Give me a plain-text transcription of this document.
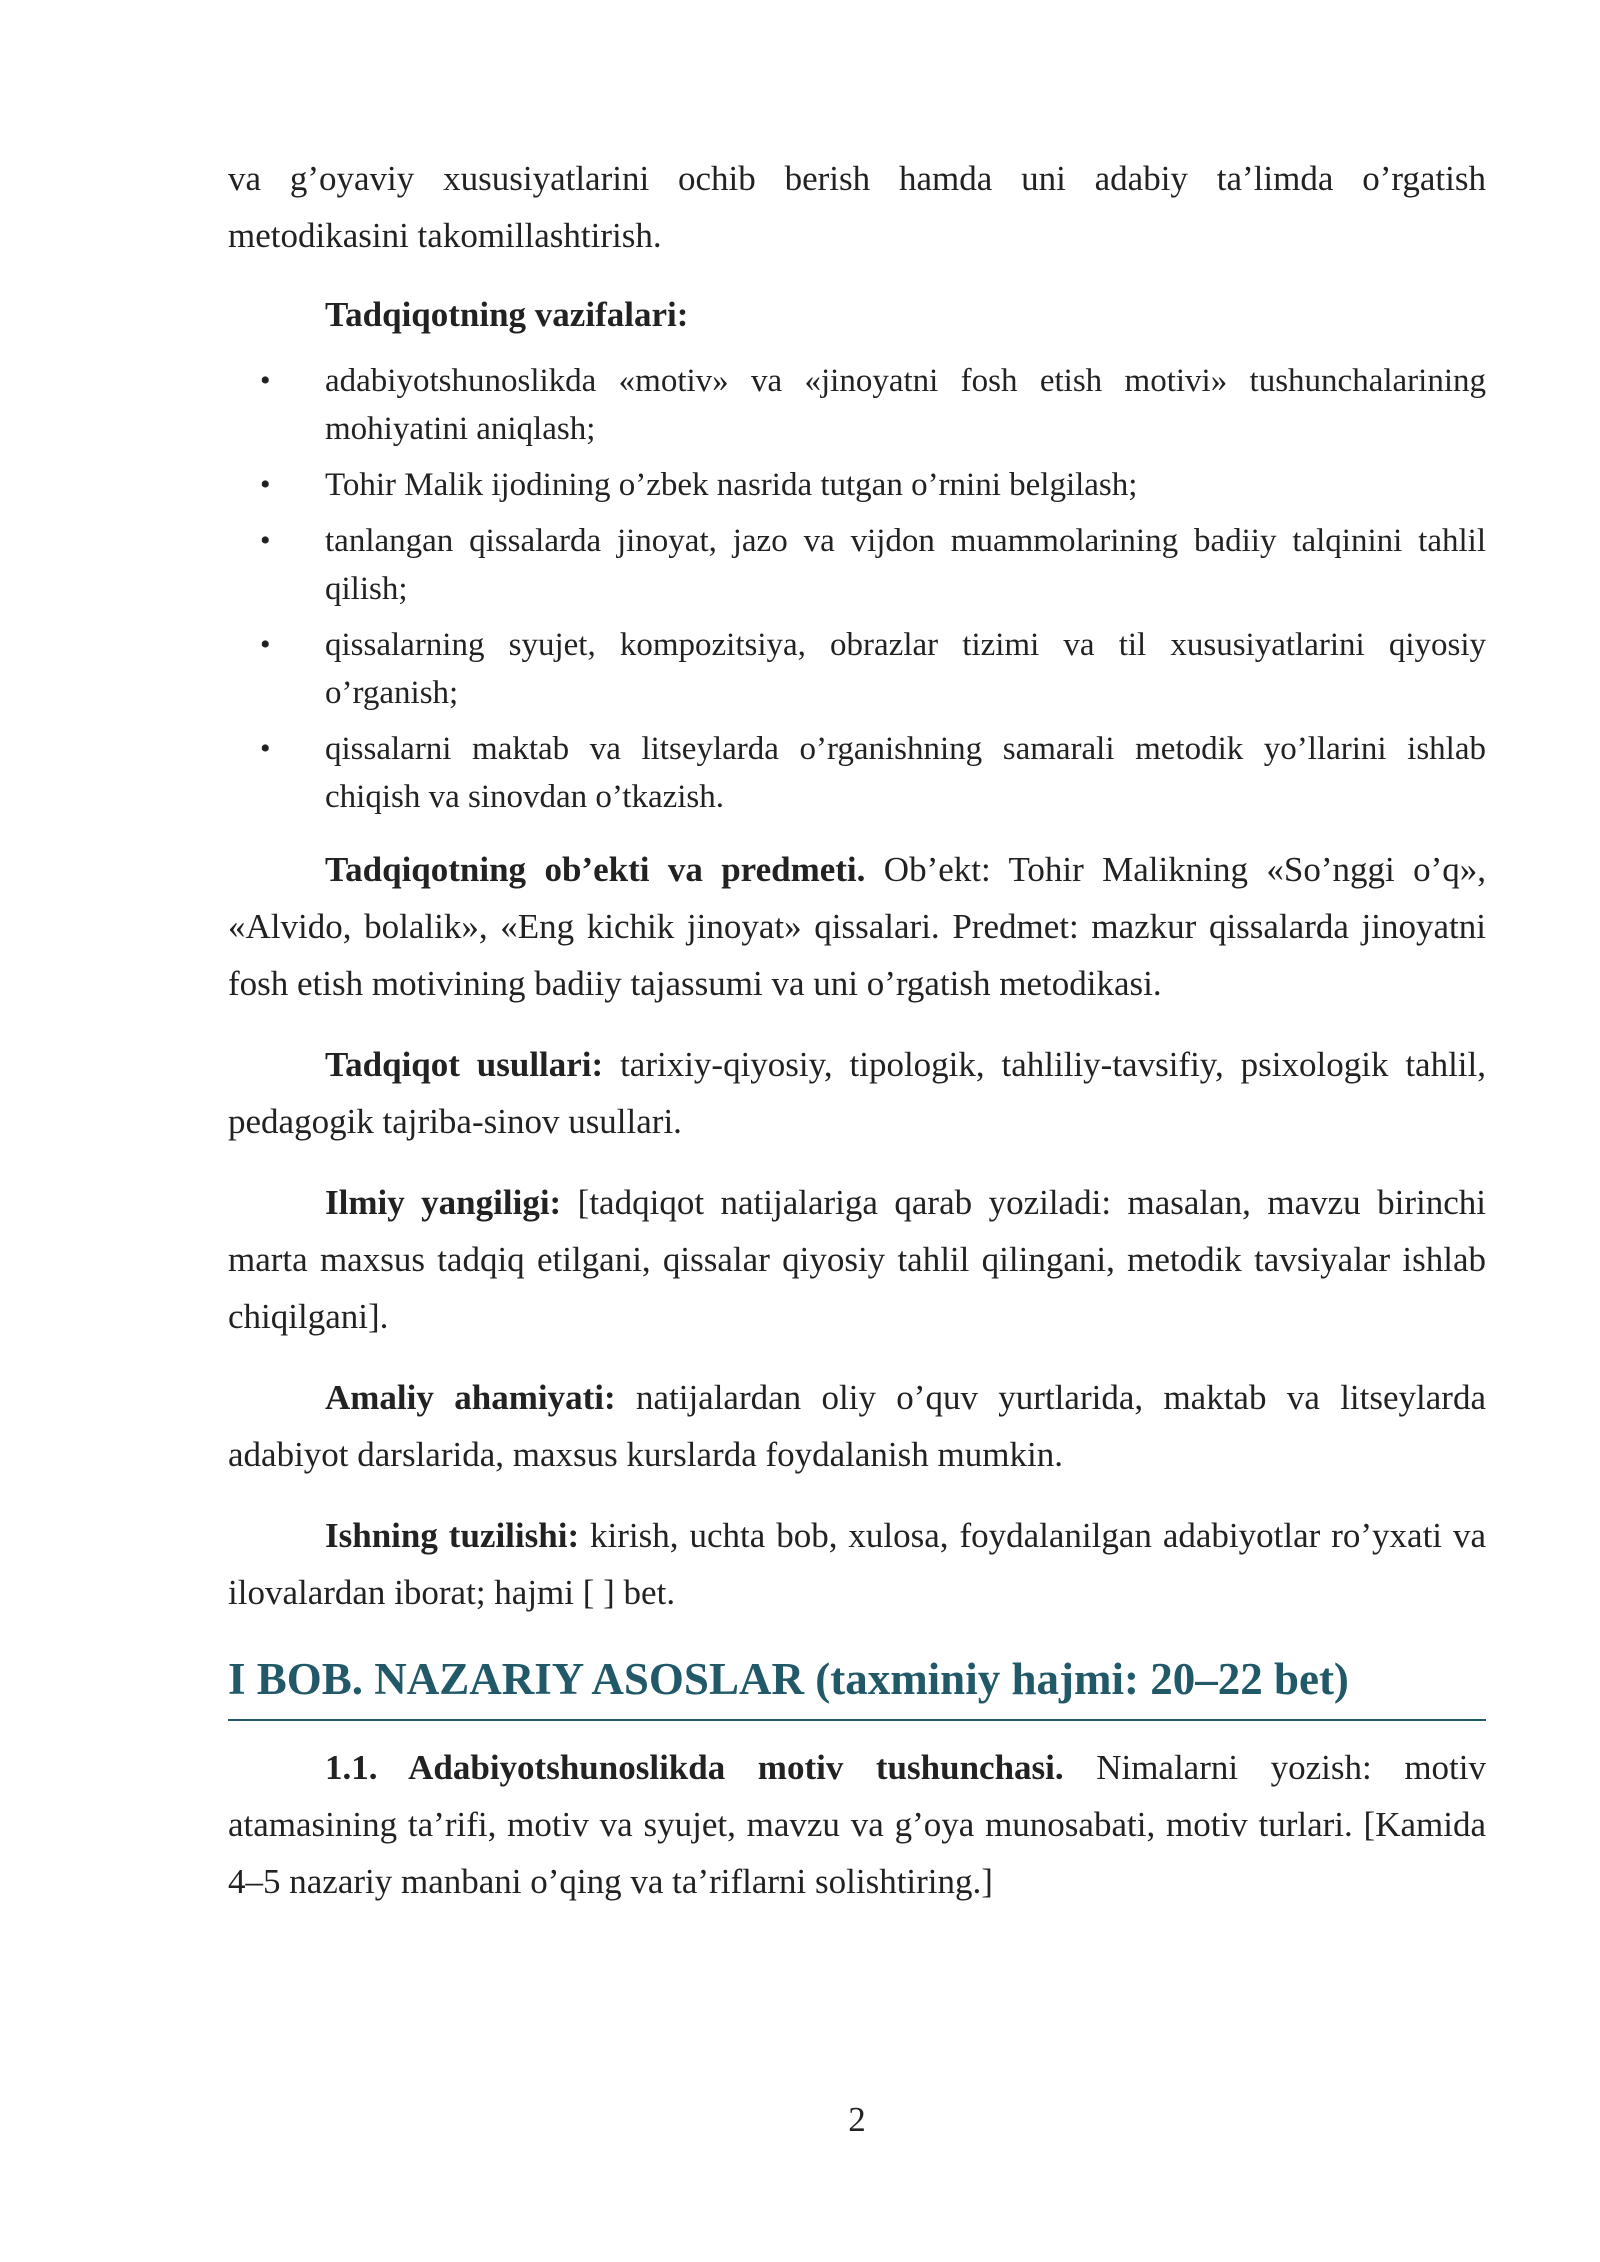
va g’oyaviy xususiyatlarini ochib berish hamda uni adabiy ta’limda o’rgatish metodikasini takomillashtirish.

Tadqiqotning vazifalari:
• adabiyotshunoslikda «motiv» va «jinoyatni fosh etish motivi» tushunchalarining mohiyatini aniqlash;
• Tohir Malik ijodining o’zbek nasrida tutgan o’rnini belgilash;
• tanlangan qissalarda jinoyat, jazo va vijdon muammolarining badiiy talqinini tahlil qilish;
• qissalarning syujet, kompozitsiya, obrazlar tizimi va til xususiyatlarini qiyosiy o’rganish;
• qissalarni maktab va litseylarda o’rganishning samarali metodik yo’llarini ishlab chiqish va sinovdan o’tkazish.

Tadqiqotning ob’ekti va predmeti. Ob’ekt: Tohir Malikning «So’nggi o’q», «Alvido, bolalik», «Eng kichik jinoyat» qissalari. Predmet: mazkur qissalarda jinoyatni fosh etish motivining badiiy tajassumi va uni o’rgatish metodikasi.

Tadqiqot usullari: tarixiy-qiyosiy, tipologik, tahliliy-tavsifiy, psixologik tahlil, pedagogik tajriba-sinov usullari.

Ilmiy yangiligi: [tadqiqot natijalariga qarab yoziladi: masalan, mavzu birinchi marta maxsus tadqiq etilgani, qissalar qiyosiy tahlil qilingani, metodik tavsiyalar ishlab chiqilgani].

Amaliy ahamiyati: natijalardan oliy o’quv yurtlarida, maktab va litseylarda adabiyot darslarida, maxsus kurslarda foydalanish mumkin.

Ishning tuzilishi: kirish, uchta bob, xulosa, foydalanilgan adabiyotlar ro’yxati va ilovalardan iborat; hajmi [ ] bet.

I BOB. NAZARIY ASOSLAR (taxminiy hajmi: 20–22 bet)

1.1. Adabiyotshunoslikda motiv tushunchasi. Nimalarni yozish: motiv atamasining ta’rifi, motiv va syujet, mavzu va g’oya munosabati, motiv turlari. [Kamida 4–5 nazariy manbani o’qing va ta’riflarni solishtiring.]

2
